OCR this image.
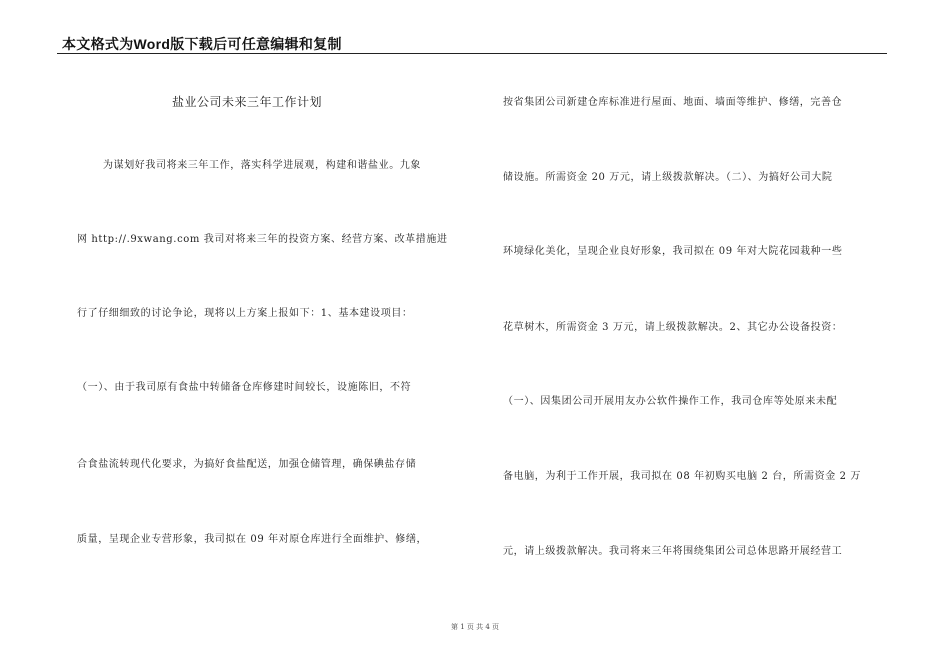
本文格式为Word版下载后可任意编辑和复制
盐业公司未来三年工作计划
为谋划好我司将来三年工作，落实科学进展观，构建和谐盐业。九象
网 http://.9xwang.com 我司对将来三年的投资方案、经营方案、改革措施进
行了仔细细致的讨论争论，现将以上方案上报如下：1、基本建设项目：
（一）、由于我司原有食盐中转储备仓库修建时间较长，设施陈旧，不符
合食盐流转现代化要求，为搞好食盐配送，加强仓储管理，确保碘盐存储
质量，呈现企业专营形象，我司拟在 09 年对原仓库进行全面维护、修缮，
按省集团公司新建仓库标准进行屋面、地面、墙面等维护、修缮，完善仓
储设施。所需资金 20 万元，请上级拨款解决。（二）、为搞好公司大院
环境绿化美化，呈现企业良好形象，我司拟在 09 年对大院花园栽种一些
花草树木，所需资金 3 万元，请上级拨款解决。2、其它办公设备投资：
（一）、因集团公司开展用友办公软件操作工作，我司仓库等处原来未配
备电脑，为利于工作开展，我司拟在 08 年初购买电脑 2 台，所需资金 2 万
元，请上级拨款解决。我司将来三年将围绕集团公司总体思路开展经营工
第 1 页 共 4 页
